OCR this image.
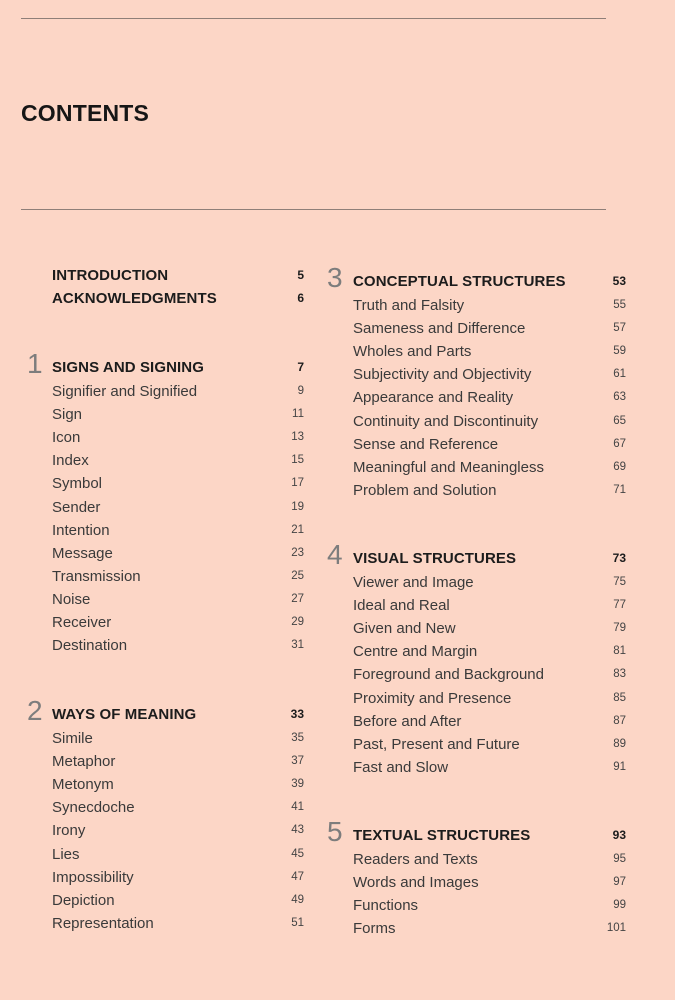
CONTENTS
INTRODUCTION	5
ACKNOWLEDGMENTS	6
1 SIGNS AND SIGNING	7
Signifier and Signified	9
Sign	11
Icon	13
Index	15
Symbol	17
Sender	19
Intention	21
Message	23
Transmission	25
Noise	27
Receiver	29
Destination	31
2 WAYS OF MEANING	33
Simile	35
Metaphor	37
Metonym	39
Synecdoche	41
Irony	43
Lies	45
Impossibility	47
Depiction	49
Representation	51
3 CONCEPTUAL STRUCTURES	53
Truth and Falsity	55
Sameness and Difference	57
Wholes and Parts	59
Subjectivity and Objectivity	61
Appearance and Reality	63
Continuity and Discontinuity	65
Sense and Reference	67
Meaningful and Meaningless	69
Problem and Solution	71
4 VISUAL STRUCTURES	73
Viewer and Image	75
Ideal and Real	77
Given and New	79
Centre and Margin	81
Foreground and Background	83
Proximity and Presence	85
Before and After	87
Past, Present and Future	89
Fast and Slow	91
5 TEXTUAL STRUCTURES	93
Readers and Texts	95
Words and Images	97
Functions	99
Forms	101
